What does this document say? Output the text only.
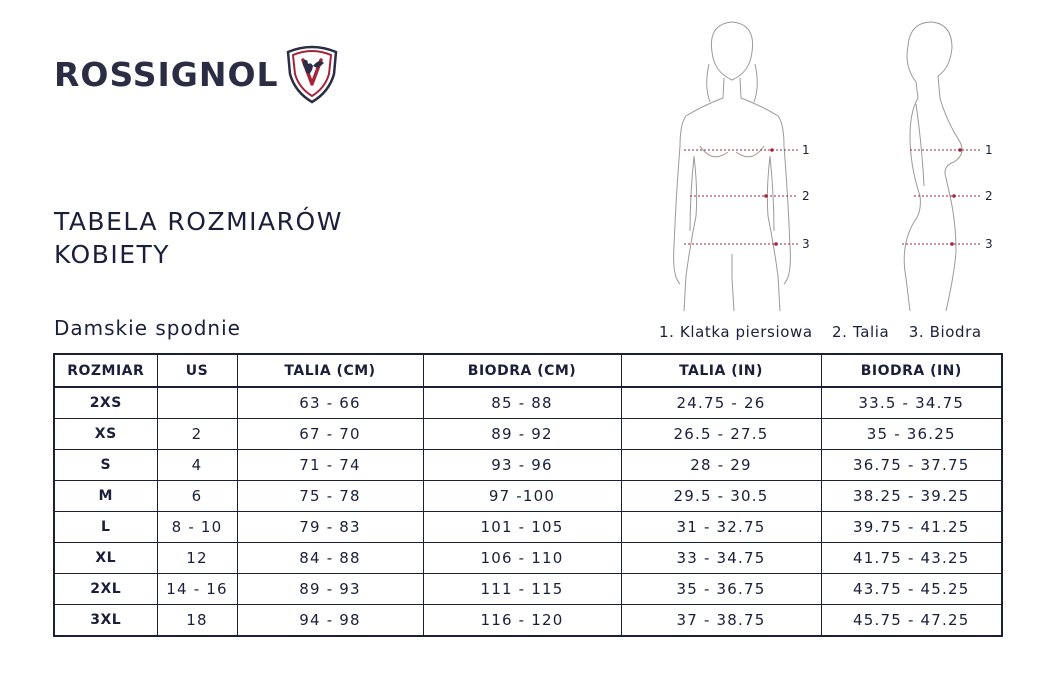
ROSSIGNOL
TABELA ROZMIARÓW
KOBIETY
Damskie spodnie
1
2
3
1
2
3
1. Klatka piersiowa 2. Talia 3. Biodra
ROZMIAR	US	TALIA (CM)	BIODRA (CM)	TALIA (IN)	BIODRA (IN)
2XS		63 - 66	85 - 88	24.75 - 26	33.5 - 34.75
XS	2	67 - 70	89 - 92	26.5 - 27.5	35 - 36.25
S	4	71 - 74	93 - 96	28 - 29	36.75 - 37.75
M	6	75 - 78	97 -100	29.5 - 30.5	38.25 - 39.25
L	8 - 10	79 - 83	101 - 105	31 - 32.75	39.75 - 41.25
XL	12	84 - 88	106 - 110	33 - 34.75	41.75 - 43.25
2XL	14 - 16	89 - 93	111 - 115	35 - 36.75	43.75 - 45.25
3XL	18	94 - 98	116 - 120	37 - 38.75	45.75 - 47.25
